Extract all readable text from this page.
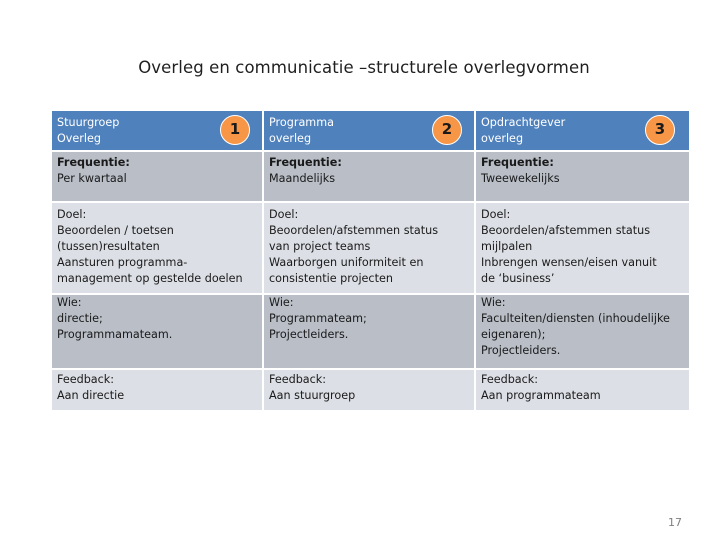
Overleg en communicatie –structurele overlegvormen
Stuurgroep
Overleg
1	Programma
overleg
2	Opdrachtgever
overleg
3
Frequentie:
Per kwartaal
Frequentie:
Maandelijks
Frequentie:
Tweewekelijks
Doel:
Beoordelen / toetsen
(tussen)resultaten
Aansturen programma-
management op gestelde doelen
Doel:
Beoordelen/afstemmen status
van project teams
Waarborgen uniformiteit en
consistentie projecten
Doel:
Beoordelen/afstemmen status
mijlpalen
Inbrengen wensen/eisen vanuit
de ‘business’
Wie:
directie;
Programmamateam.
Wie:
Programmateam;
Projectleiders.
Wie:
Faculteiten/diensten (inhoudelijke
eigenaren);
Projectleiders.
Feedback:
Aan directie
Feedback:
Aan stuurgroep
Feedback:
Aan programmateam
17
